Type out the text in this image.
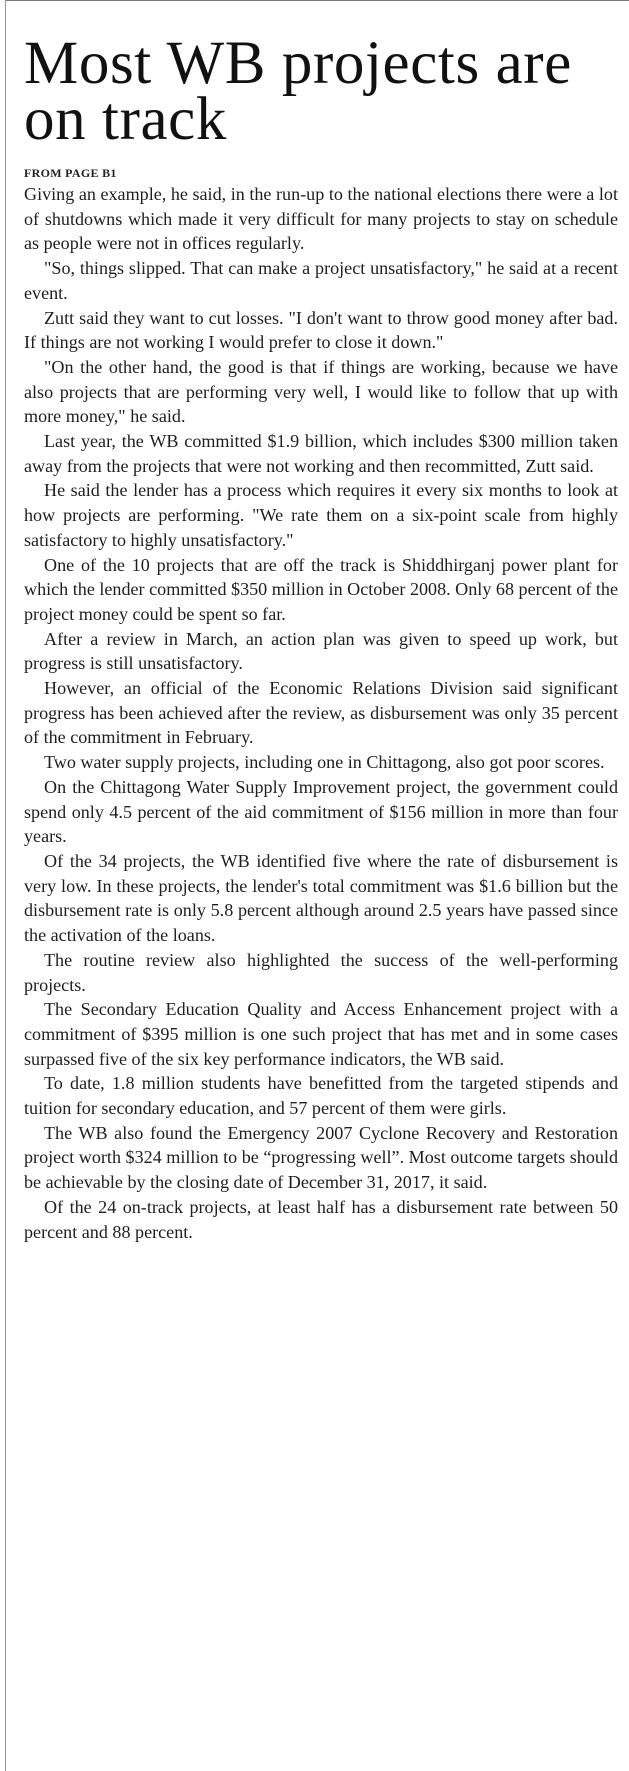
Most WB projects are on track
FROM PAGE B1

Giving an example, he said, in the run-up to the national elections there were a lot of shutdowns which made it very difficult for many projects to stay on schedule as people were not in offices regularly.

"So, things slipped. That can make a project unsatisfactory," he said at a recent event.

Zutt said they want to cut losses. "I don't want to throw good money after bad. If things are not working I would prefer to close it down."

"On the other hand, the good is that if things are working, because we have also projects that are performing very well, I would like to follow that up with more money," he said.

Last year, the WB committed $1.9 billion, which includes $300 million taken away from the projects that were not working and then recommitted, Zutt said.

He said the lender has a process which requires it every six months to look at how projects are performing. "We rate them on a six-point scale from highly satisfactory to highly unsatisfactory."

One of the 10 projects that are off the track is Shiddhirganj power plant for which the lender committed $350 million in October 2008. Only 68 percent of the project money could be spent so far.

After a review in March, an action plan was given to speed up work, but progress is still unsatisfactory.

However, an official of the Economic Relations Division said significant progress has been achieved after the review, as disbursement was only 35 percent of the commitment in February.

Two water supply projects, including one in Chittagong, also got poor scores.

On the Chittagong Water Supply Improvement project, the government could spend only 4.5 percent of the aid commitment of $156 million in more than four years.

Of the 34 projects, the WB identified five where the rate of disbursement is very low. In these projects, the lender's total commitment was $1.6 billion but the disbursement rate is only 5.8 percent although around 2.5 years have passed since the activation of the loans.

The routine review also highlighted the success of the well-performing projects.

The Secondary Education Quality and Access Enhancement project with a commitment of $395 million is one such project that has met and in some cases surpassed five of the six key performance indicators, the WB said.

To date, 1.8 million students have benefitted from the targeted stipends and tuition for secondary education, and 57 percent of them were girls.

The WB also found the Emergency 2007 Cyclone Recovery and Restoration project worth $324 million to be “progressing well”. Most outcome targets should be achievable by the closing date of December 31, 2017, it said.

Of the 24 on-track projects, at least half has a disbursement rate between 50 percent and 88 percent.
